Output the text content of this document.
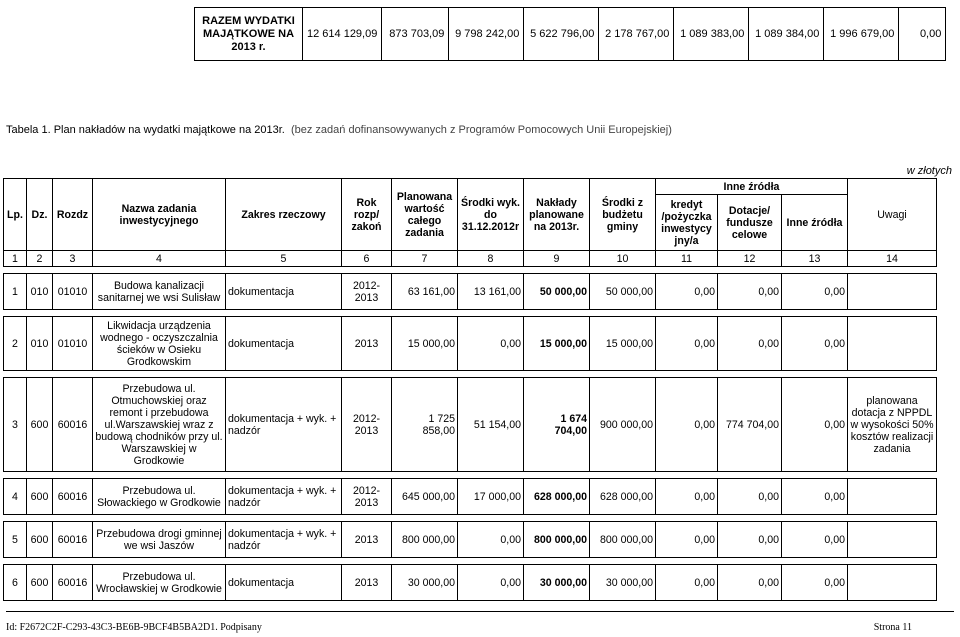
RAZEM WYDATKI MAJĄTKOWE NA 2013 r.	12 614 129,09	873 703,09	9 798 242,00	5 622 796,00	2 178 767,00	1 089 383,00	1 089 384,00	1 996 679,00	0,00
Tabela 1. Plan nakładów na wydatki majątkowe na 2013r. (bez zadań dofinansowywanych z Programów Pomocowych Unii Europejskiej)
w złotych
Lp.	Dz.	Rozdz	Nazwa zadania inwestycyjnego	Zakres rzeczowy	Rok rozp/ zakoń	Planowana wartość całego zadania	Środki wyk. do 31.12.2012r	Nakłady planowane na 2013r.	Środki z budżetu gminy	Inne źródła			Uwagi
										kredyt /pożyczka inwestycy jny/a	Dotacje/ fundusze celowe	Inne źródła	
1	2	3	4	5	6	7	8	9	10	11	12	13	14

1	010	01010	Budowa kanalizacji sanitarnej we wsi Sulisław	dokumentacja	2012-2013	63 161,00	13 161,00	50 000,00	50 000,00	0,00	0,00	0,00	

2	010	01010	Likwidacja urządzenia wodnego - oczyszczalnia ścieków w Osieku Grodkowskim	dokumentacja	2013	15 000,00	0,00	15 000,00	15 000,00	0,00	0,00	0,00	

3	600	60016	Przebudowa ul. Otmuchowskiej oraz remont i przebudowa ul.Warszawskiej wraz z budową chodników przy ul. Warszawskiej w Grodkowie	dokumentacja + wyk. + nadzór	2012-2013	1 725 858,00	51 154,00	1 674 704,00	900 000,00	0,00	774 704,00	0,00	planowana dotacja z NPPDL w wysokości 50% kosztów realizacji zadania

4	600	60016	Przebudowa ul. Słowackiego w Grodkowie	dokumentacja + wyk. + nadzór	2012-2013	645 000,00	17 000,00	628 000,00	628 000,00	0,00	0,00	0,00	

5	600	60016	Przebudowa drogi gminnej we wsi Jaszów	dokumentacja + wyk. + nadzór	2013	800 000,00	0,00	800 000,00	800 000,00	0,00	0,00	0,00	

6	600	60016	Przebudowa ul. Wrocławskiej w Grodkowie	dokumentacja	2013	30 000,00	0,00	30 000,00	30 000,00	0,00	0,00	0,00	
Id: F2672C2F-C293-43C3-BE6B-9BCF4B5BA2D1. Podpisany	Strona 11
